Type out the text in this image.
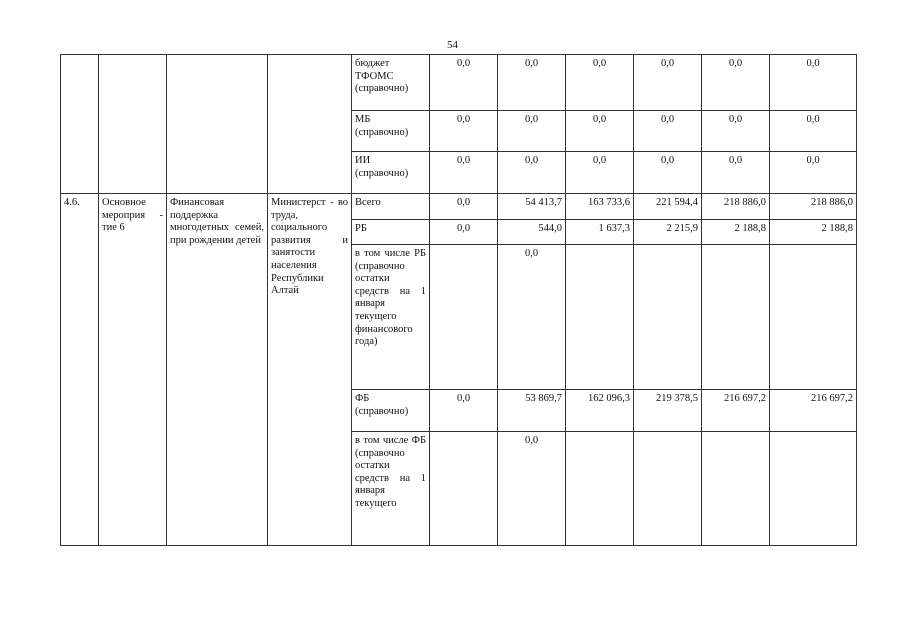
54
				бюджет
ТФОМС
(справочно)	0,0	0,0	0,0	0,0	0,0	0,0
				МБ
(справочно)	0,0	0,0	0,0	0,0	0,0	0,0
				ИИ
(справочно)	0,0	0,0	0,0	0,0	0,0	0,0
4.6.	Основное мероприя - тие 6	Финансовая поддержка многодетных семей, при рождении детей	Министерст - во труда, социального развития и занятости населения Республики Алтай	Всего	0,0	54 413,7	163 733,6	221 594,4	218 886,0	218 886,0
				РБ	0,0	544,0	1 637,3	2 215,9	2 188,8	2 188,8
				в том числе РБ (справочно остатки средств на 1 января текущего финансового года)		0,0				
				ФБ
(справочно)	0,0	53 869,7	162 096,3	219 378,5	216 697,2	216 697,2
				в том числе ФБ (справочно остатки средств на 1 января текущего		0,0				
